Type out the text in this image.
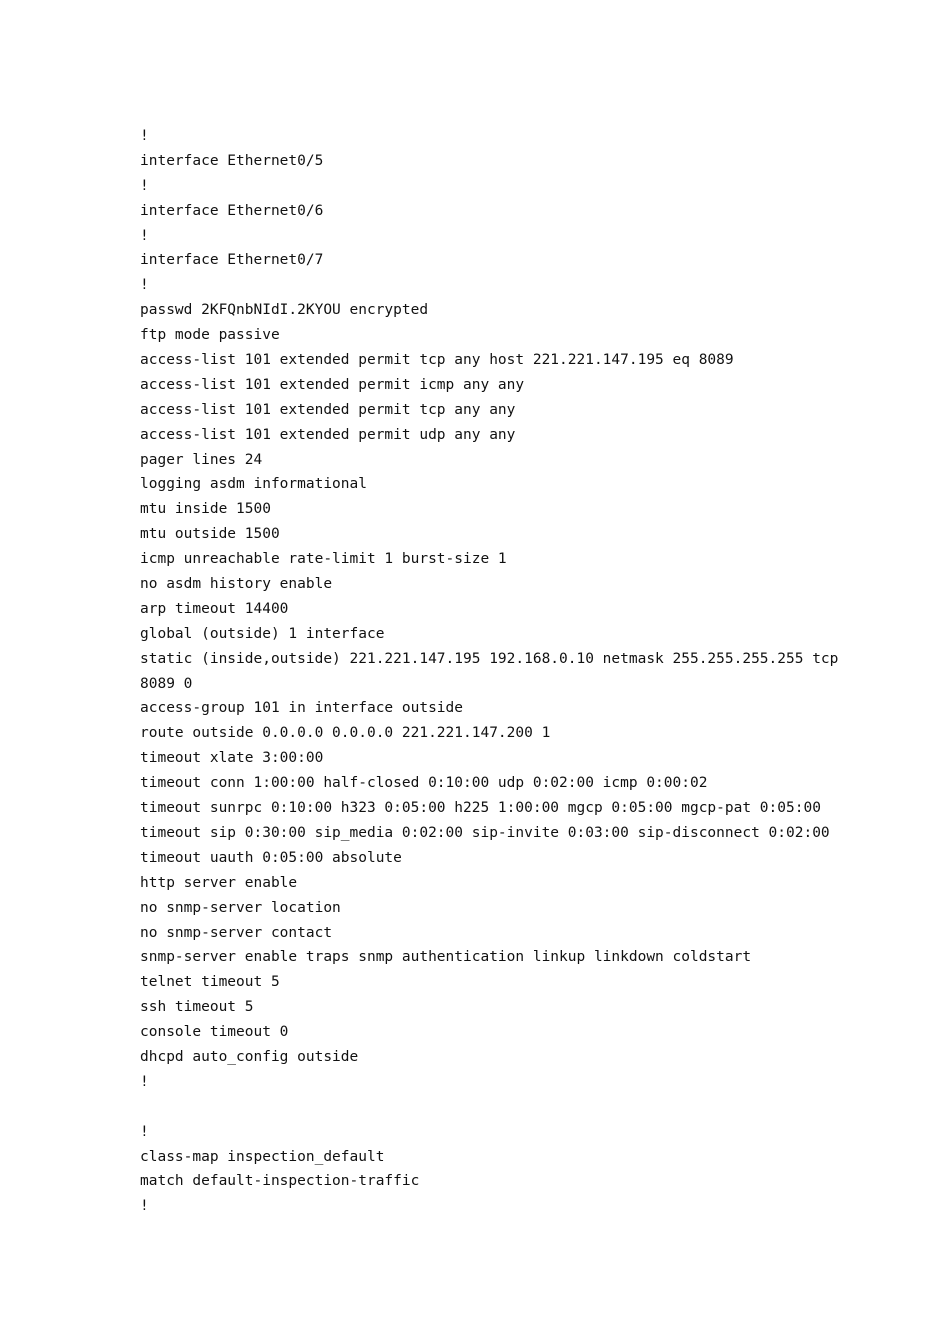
!
interface Ethernet0/5
!
interface Ethernet0/6
!
interface Ethernet0/7
!
passwd 2KFQnbNIdI.2KYOU encrypted
ftp mode passive
access-list 101 extended permit tcp any host 221.221.147.195 eq 8089
access-list 101 extended permit icmp any any
access-list 101 extended permit tcp any any
access-list 101 extended permit udp any any
pager lines 24
logging asdm informational
mtu inside 1500
mtu outside 1500
icmp unreachable rate-limit 1 burst-size 1
no asdm history enable
arp timeout 14400
global (outside) 1 interface
static (inside,outside) 221.221.147.195 192.168.0.10 netmask 255.255.255.255 tcp
8089 0
access-group 101 in interface outside
route outside 0.0.0.0 0.0.0.0 221.221.147.200 1
timeout xlate 3:00:00
timeout conn 1:00:00 half-closed 0:10:00 udp 0:02:00 icmp 0:00:02
timeout sunrpc 0:10:00 h323 0:05:00 h225 1:00:00 mgcp 0:05:00 mgcp-pat 0:05:00
timeout sip 0:30:00 sip_media 0:02:00 sip-invite 0:03:00 sip-disconnect 0:02:00
timeout uauth 0:05:00 absolute
http server enable
no snmp-server location
no snmp-server contact
snmp-server enable traps snmp authentication linkup linkdown coldstart
telnet timeout 5
ssh timeout 5
console timeout 0
dhcpd auto_config outside
!
!
class-map inspection_default
match default-inspection-traffic
!
